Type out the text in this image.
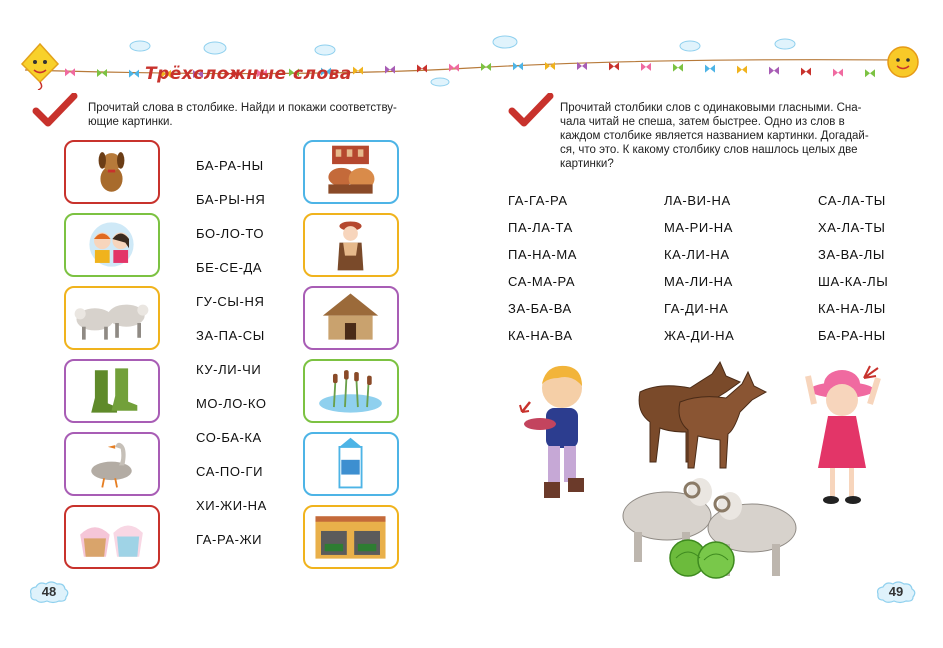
Трёхсложные слова
Прочитай слова в столбике. Найди и покажи соответству-
ющие картинки.
БА-РА-НЫ
БА-РЫ-НЯ
БО-ЛО-ТО
БЕ-СЕ-ДА
ГУ-СЫ-НЯ
ЗА-ПА-СЫ
КУ-ЛИ-ЧИ
МО-ЛО-КО
СО-БА-КА
СА-ПО-ГИ
ХИ-ЖИ-НА
ГА-РА-ЖИ
48
Прочитай столбики слов с одинаковыми гласными. Сна-
чала читай не спеша, затем быстрее. Одно из слов в
каждом столбике является названием картинки. Догадай-
ся, что это. К какому столбику слов нашлось целых две
картинки?
ГА-ГА-РА
ПА-ЛА-ТА
ПА-НА-МА
СА-МА-РА
ЗА-БА-ВА
КА-НА-ВА
ЛА-ВИ-НА
МА-РИ-НА
КА-ЛИ-НА
МА-ЛИ-НА
ГА-ДИ-НА
ЖА-ДИ-НА
СА-ЛА-ТЫ
ХА-ЛА-ТЫ
ЗА-ВА-ЛЫ
ША-КА-ЛЫ
КА-НА-ЛЫ
БА-РА-НЫ
49
